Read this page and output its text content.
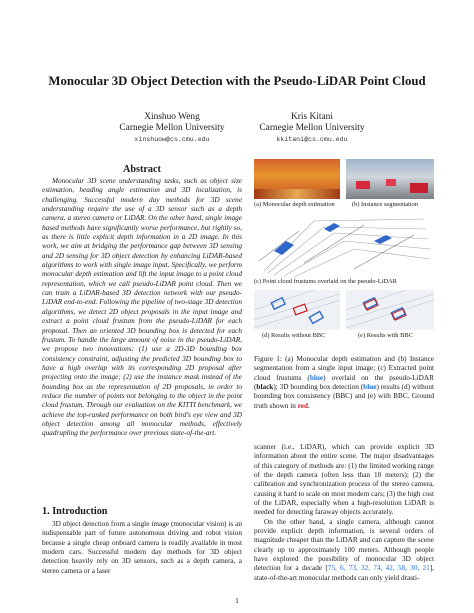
Monocular 3D Object Detection with the Pseudo-LiDAR Point Cloud
Xinshuo Weng
Carnegie Mellon University
xinshuow@cs.cmu.edu
Kris Kitani
Carnegie Mellon University
kkitani@cs.cmu.edu
Abstract

Monocular 3D scene understanding tasks, such as object size estimation, heading angle estimation and 3D localization, is challenging. Successful modern day methods for 3D scene understanding require the use of a 3D sensor such as a depth camera, a stereo camera or LiDAR. On the other hand, single image based methods have significantly worse performance, but rightly so, as there is little explicit depth information in a 2D image. In this work, we aim at bridging the performance gap between 3D sensing and 2D sensing for 3D object detection by enhancing LiDAR-based algorithms to work with single image input. Specifically, we perform monocular depth estimation and lift the input image to a point cloud representation, which we call pseudo-LiDAR point cloud. Then we can train a LiDAR-based 3D detection network with our pseudo-LiDAR end-to-end. Following the pipeline of two-stage 3D detection algorithms, we detect 2D object proposals in the input image and extract a point cloud frustum from the pseudo-LiDAR for each proposal. Then an oriented 3D bounding box is detected for each frustum. To handle the large amount of noise in the pseudo-LiDAR, we propose two innovations: (1) use a 2D-3D bounding box consistency constraint, adjusting the predicted 3D bounding box to have a high overlap with its corresponding 2D proposal after projecting onto the image; (2) use the instance mask instead of the bounding box as the representation of 2D proposals, in order to reduce the number of points not belonging to the object in the point cloud frustum. Through our evaluation on the KITTI benchmark, we achieve the top-ranked performance on both bird's eye view and 3D object detection among all monocular methods, effectively quadrupling the performance over previous state-of-the-art.

1. Introduction

3D object detection from a single image (monocular vision) is an indispensable part of future autonomous driving and robot vision because a single cheap onboard camera is readily available in most modern cars. Successful modern day methods for 3D object detection heavily rely on 3D sensors, such as a depth camera, a stereo camera or a laser

(a) Monocular depth estimation	(b) Instance segmentation
(c) Point cloud frustums overlaid on the pseudo-LiDAR
(d) Results without BBC	(e) Results with BBC
Figure 1: (a) Monocular depth estimation and (b) Instance segmentation from a single input image; (c) Extracted point cloud frustums (blue) overlaid on the pseudo-LiDAR (black); 3D bounding box detection (blue) results (d) without bounding box consistency (BBC) and (e) with BBC. Ground truth shown in red.

scanner (i.e., LiDAR), which can provide explicit 3D information about the entire scene. The major disadvantages of this category of methods are: (1) the limited working range of the depth camera (often less than 10 meters); (2) the calibration and synchronization process of the stereo camera, causing it hard to scale on most modern cars; (3) the high cost of the LiDAR, especially when a high-resolution LiDAR is needed for detecting faraway objects accurately.

On the other hand, a single camera, although cannot provide explicit depth information, is several orders of magnitude cheaper than the LiDAR and can capture the scene clearly up to approximately 100 meters. Although people have explored the possibility of monocular 3D object detection for a decade [75, 6, 73, 32, 74, 42, 58, 30, 21], state-of-the-art monocular methods can only yield drasti-

1
